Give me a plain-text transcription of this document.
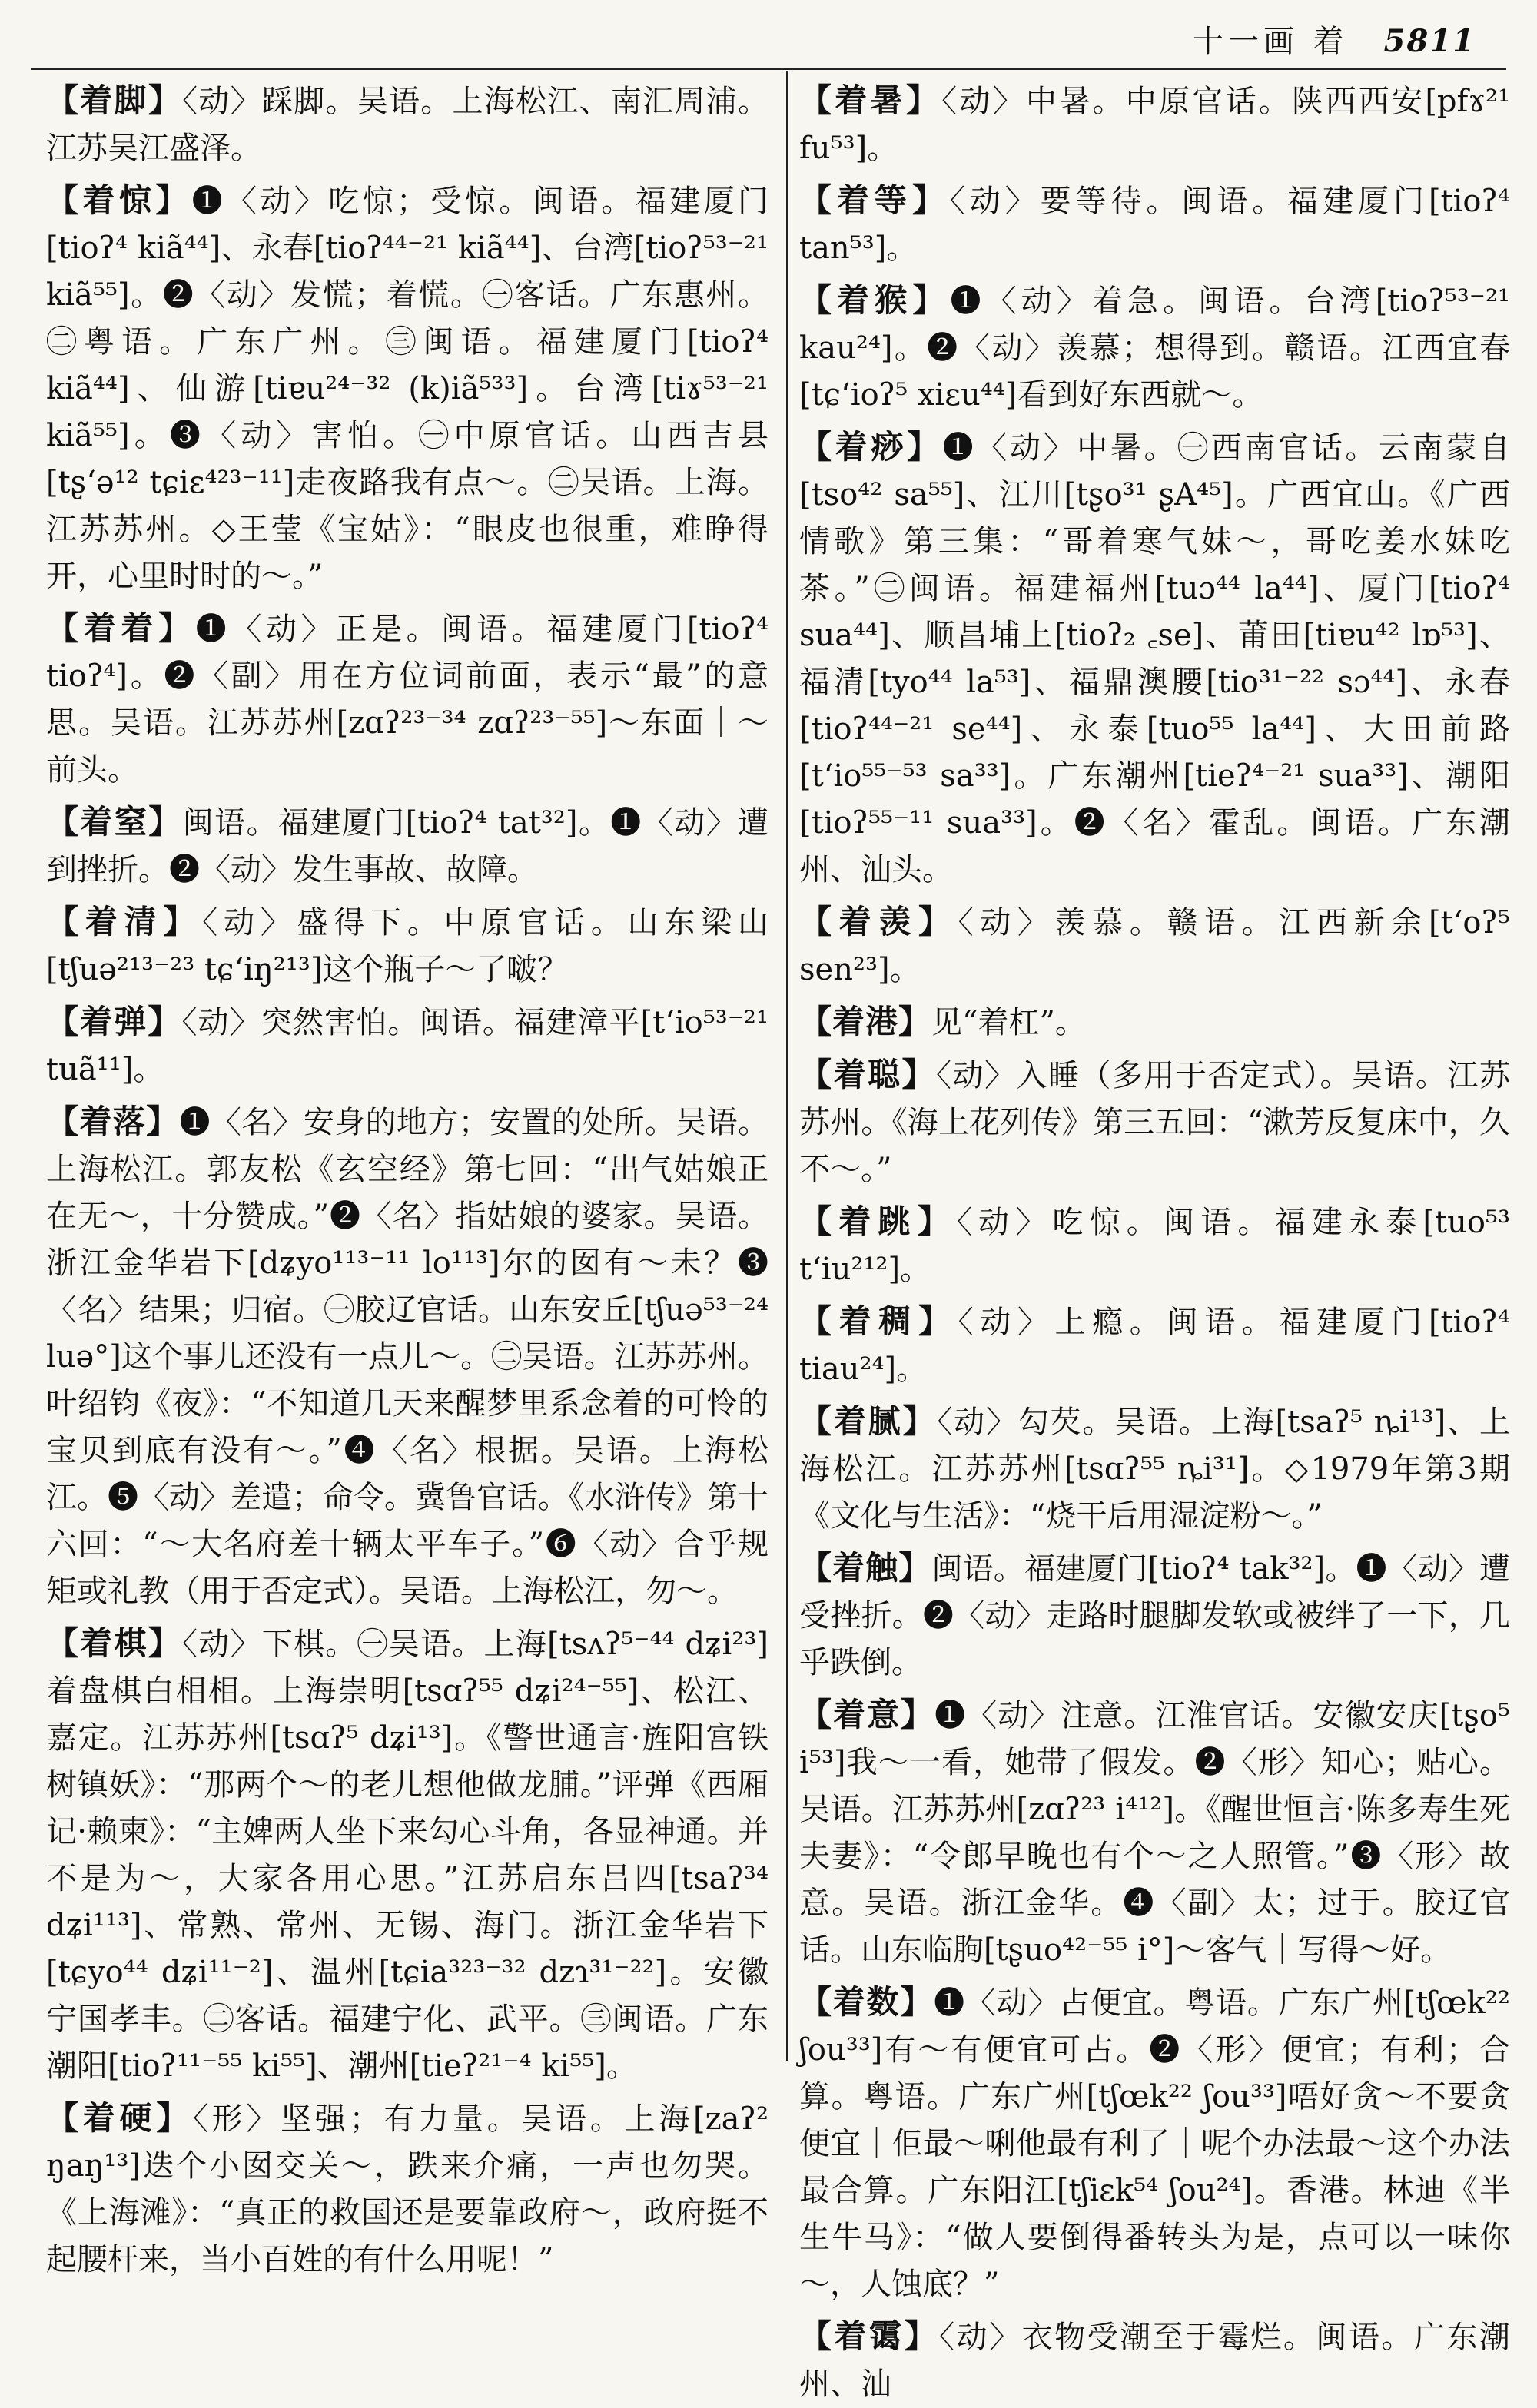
十一画 着 5811
【着脚】〈动〉踩脚。吴语。上海松江、南汇周浦。江苏吴江盛泽。
【着惊】❶〈动〉吃惊；受惊。闽语。福建厦门[tioʔ⁴ kiã⁴⁴]、永春[tioʔ⁴⁴⁻²¹ kiã⁴⁴]、台湾[tioʔ⁵³⁻²¹ kiã⁵⁵]。❷〈动〉发慌；着慌。㊀客话。广东惠州。㊁粤语。广东广州。㊂闽语。福建厦门[tioʔ⁴ kiã⁴⁴]、仙游[tiɐu²⁴⁻³² (k)iã⁵³³]。台湾[tiɤ⁵³⁻²¹ kiã⁵⁵]。❸〈动〉害怕。㊀中原官话。山西吉县[tʂʻə¹² tɕiɛ⁴²³⁻¹¹]走夜路我有点～。㊁吴语。上海。江苏苏州。◇王莹《宝姑》：“眼皮也很重，难睁得开，心里时时的～。”
【着着】❶〈动〉正是。闽语。福建厦门[tioʔ⁴ tioʔ⁴]。❷〈副〉用在方位词前面，表示“最”的意思。吴语。江苏苏州[zɑʔ²³⁻³⁴ zɑʔ²³⁻⁵⁵]～东面｜～前头。
【着窒】闽语。福建厦门[tioʔ⁴ tat³²]。❶〈动〉遭到挫折。❷〈动〉发生事故、故障。
【着清】〈动〉盛得下。中原官话。山东梁山[tʃuə²¹³⁻²³ tɕʻiŋ²¹³]这个瓶子～了啵？
【着弹】〈动〉突然害怕。闽语。福建漳平[tʻio⁵³⁻²¹ tuã¹¹]。
【着落】❶〈名〉安身的地方；安置的处所。吴语。上海松江。郭友松《玄空经》第七回：“出气姑娘正在无～，十分赞成。”❷〈名〉指姑娘的婆家。吴语。浙江金华岩下[dʑyo¹¹³⁻¹¹ lo¹¹³]尔的囡有～未？❸〈名〉结果；归宿。㊀胶辽官话。山东安丘[tʃuə⁵³⁻²⁴ luə°]这个事儿还没有一点儿～。㊁吴语。江苏苏州。叶绍钧《夜》：“不知道几天来醒梦里系念着的可怜的宝贝到底有没有～。”❹〈名〉根据。吴语。上海松江。❺〈动〉差遣；命令。冀鲁官话。《水浒传》第十六回：“～大名府差十辆太平车子。”❻〈动〉合乎规矩或礼教（用于否定式）。吴语。上海松江，勿～。
【着棋】〈动〉下棋。㊀吴语。上海[tsʌʔ⁵⁻⁴⁴ dʑi²³]着盘棋白相相。上海崇明[tsɑʔ⁵⁵ dʑi²⁴⁻⁵⁵]、松江、嘉定。江苏苏州[tsɑʔ⁵ dʑi¹³]。《警世通言·旌阳宫铁树镇妖》：“那两个～的老儿想他做龙脯。”评弹《西厢记·赖柬》：“主婢两人坐下来勾心斗角，各显神通。并不是为～，大家各用心思。”江苏启东吕四[tsaʔ³⁴ dʑi¹¹³]、常熟、常州、无锡、海门。浙江金华岩下[tɕyo⁴⁴ dʑi¹¹⁻²]、温州[tɕia³²³⁻³² dzɿ³¹⁻²²]。安徽宁国孝丰。㊁客话。福建宁化、武平。㊂闽语。广东潮阳[tioʔ¹¹⁻⁵⁵ ki⁵⁵]、潮州[tieʔ²¹⁻⁴ ki⁵⁵]。
【着硬】〈形〉坚强；有力量。吴语。上海[zaʔ² ŋaŋ¹³]迭个小囡交关～，跌来介痛，一声也勿哭。《上海滩》：“真正的救国还是要靠政府～，政府挺不起腰杆来，当小百姓的有什么用呢！”
【着暑】〈动〉中暑。中原官话。陕西西安[pfɤ²¹ fu⁵³]。
【着等】〈动〉要等待。闽语。福建厦门[tioʔ⁴ tan⁵³]。
【着猴】❶〈动〉着急。闽语。台湾[tioʔ⁵³⁻²¹ kau²⁴]。❷〈动〉羡慕；想得到。赣语。江西宜春[tɕʻioʔ⁵ xiɛu⁴⁴]看到好东西就～。
【着痧】❶〈动〉中暑。㊀西南官话。云南蒙自[tso⁴² sa⁵⁵]、江川[tʂo³¹ ʂA⁴⁵]。广西宜山。《广西情歌》第三集：“哥着寒气妹～，哥吃姜水妹吃茶。”㊁闽语。福建福州[tuɔ⁴⁴ la⁴⁴]、厦门[tioʔ⁴ sua⁴⁴]、顺昌埔上[tioʔ₂ ꜀se]、莆田[tiɐu⁴² lɒ⁵³]、福清[tyo⁴⁴ la⁵³]、福鼎澳腰[tio³¹⁻²² sɔ⁴⁴]、永春[tioʔ⁴⁴⁻²¹ se⁴⁴]、永泰[tuo⁵⁵ la⁴⁴]、大田前路[tʻio⁵⁵⁻⁵³ sa³³]。广东潮州[tieʔ⁴⁻²¹ sua³³]、潮阳[tioʔ⁵⁵⁻¹¹ sua³³]。❷〈名〉霍乱。闽语。广东潮州、汕头。
【着羡】〈动〉羡慕。赣语。江西新余[tʻoʔ⁵ sen²³]。
【着港】见“着杠”。
【着聪】〈动〉入睡（多用于否定式）。吴语。江苏苏州。《海上花列传》第三五回：“漱芳反复床中，久不～。”
【着跳】〈动〉吃惊。闽语。福建永泰[tuo⁵³ tʻiu²¹²]。
【着稠】〈动〉上瘾。闽语。福建厦门[tioʔ⁴ tiau²⁴]。
【着腻】〈动〉勾芡。吴语。上海[tsaʔ⁵ ȵi¹³]、上海松江。江苏苏州[tsɑʔ⁵⁵ ȵi³¹]。◇1979年第3期《文化与生活》：“烧干后用湿淀粉～。”
【着触】闽语。福建厦门[tioʔ⁴ tak³²]。❶〈动〉遭受挫折。❷〈动〉走路时腿脚发软或被绊了一下，几乎跌倒。
【着意】❶〈动〉注意。江淮官话。安徽安庆[tʂo⁵ i⁵³]我～一看，她带了假发。❷〈形〉知心；贴心。吴语。江苏苏州[zɑʔ²³ i⁴¹²]。《醒世恒言·陈多寿生死夫妻》：“令郎早晚也有个～之人照管。”❸〈形〉故意。吴语。浙江金华。❹〈副〉太；过于。胶辽官话。山东临朐[tʂuo⁴²⁻⁵⁵ i°]～客气｜写得～好。
【着数】❶〈动〉占便宜。粤语。广东广州[tʃœk²² ʃou³³]有～有便宜可占。❷〈形〉便宜；有利；合算。粤语。广东广州[tʃœk²² ʃou³³]唔好贪～不要贪便宜｜佢最～唎他最有利了｜呢个办法最～这个办法最合算。广东阳江[tʃiɛk⁵⁴ ʃou²⁴]。香港。林迪《半生牛马》：“做人要倒得番转头为是，点可以一味你～，人蚀底？”
【着霭】〈动〉衣物受潮至于霉烂。闽语。广东潮州、汕
